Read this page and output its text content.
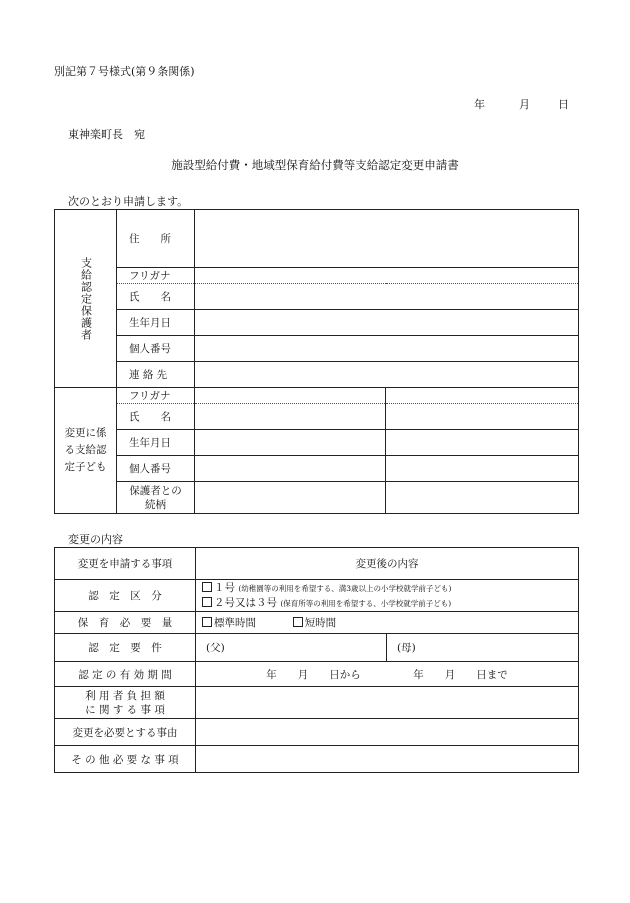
別記第７号様式(第９条関係)
年	月	日
東神楽町長　宛
施設型給付費・地域型保育給付費等支給認定変更申請書
次のとおり申請します。
支給認定保護者	住　　所		
	フリガナ		
	氏　　名		
	生年月日		
	個人番号		
	連 絡 先		

変更に係
る支給認
定子ども	フリガナ		
	氏　　名		
	生年月日		
	個人番号		

	保護者との
続柄		

変更の内容
変更を申請する事項	変更後の内容	
認　定　区　分	１号 (幼稚園等の利用を希望する、満3歳以上の小学校就学前子ども)
２号又は３号 (保育所等の利用を希望する、小学校就学前子ども)	

保　育　必　要　量	標準時間 短時間	
認　定　要　件	(父)	(母)
認 定 の 有 効 期 間	年　　月　　日から　　　　　年　　月　　日まで	

利 用 者 負 担 額
に 関 す る 事 項		

変更を必要とする事由		
そ の 他 必 要 な 事 項		
